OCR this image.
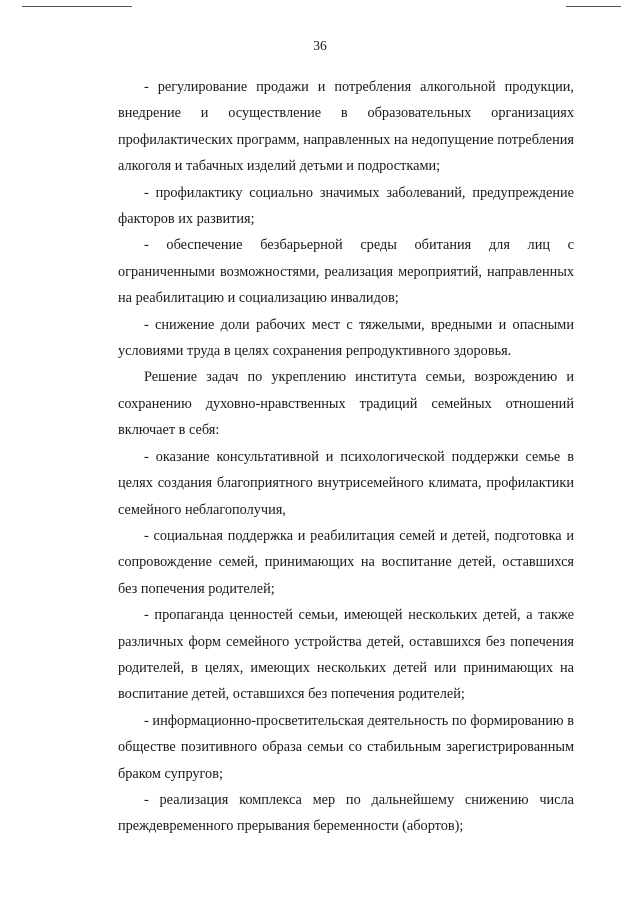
36

- регулирование продажи и потребления алкогольной продукции, внедрение и осуществление в образовательных организациях профилактических программ, направленных на недопущение потребления алкоголя и табачных изделий детьми и подростками;

- профилактику социально значимых заболеваний, предупреждение факторов их развития;

- обеспечение безбарьерной среды обитания для лиц с ограниченными возможностями, реализация мероприятий, направленных на реабилитацию и социализацию инвалидов;

- снижение доли рабочих мест с тяжелыми, вредными и опасными условиями труда в целях сохранения репродуктивного здоровья.

Решение задач по укреплению института семьи, возрождению и сохранению духовно-нравственных традиций семейных отношений включает в себя:

- оказание консультативной и психологической поддержки семье в целях создания благоприятного внутрисемейного климата, профилактики семейного неблагополучия,

- социальная поддержка и реабилитация семей и детей, подготовка и сопровождение семей, принимающих на воспитание детей, оставшихся без попечения родителей;

- пропаганда ценностей семьи, имеющей нескольких детей, а также различных форм семейного устройства детей, оставшихся без попечения родителей, в целях, имеющих нескольких детей или принимающих на воспитание детей, оставшихся без попечения родителей;

- информационно-просветительская деятельность по формированию в обществе позитивного образа семьи со стабильным зарегистрированным браком супругов;

- реализация комплекса мер по дальнейшему снижению числа преждевременного прерывания беременности (абортов);
